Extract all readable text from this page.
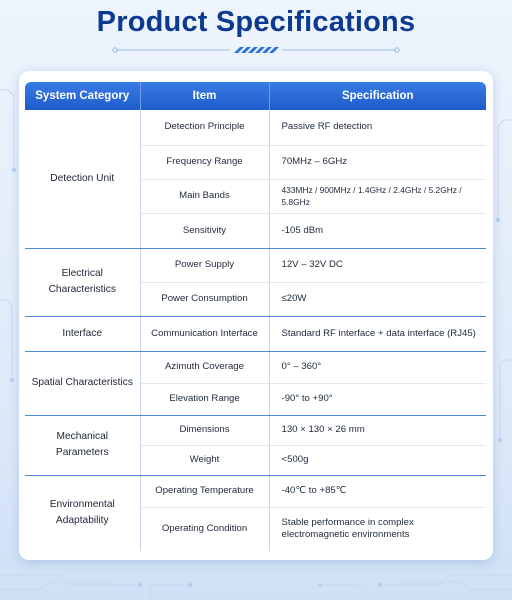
Product Specifications
System Category	Item	Specification
Detection Unit	Detection Principle	Passive RF detection
	Frequency Range	70MHz – 6GHz
	Main Bands	433MHz / 900MHz / 1.4GHz / 2.4GHz / 5.2GHz / 5.8GHz
	Sensitivity	-105 dBm
Electrical Characteristics	Power Supply	12V – 32V DC
	Power Consumption	≤20W
Interface	Communication Interface	Standard RF interface + data interface (RJ45)
Spatial Characteristics	Azimuth Coverage	0° – 360°
	Elevation Range	-90° to +90°
Mechanical Parameters	Dimensions	130 × 130 × 26 mm
	Weight	<500g
Environmental Adaptability	Operating Temperature	-40℃ to +85℃
	Operating Condition	Stable performance in complex electromagnetic environments
